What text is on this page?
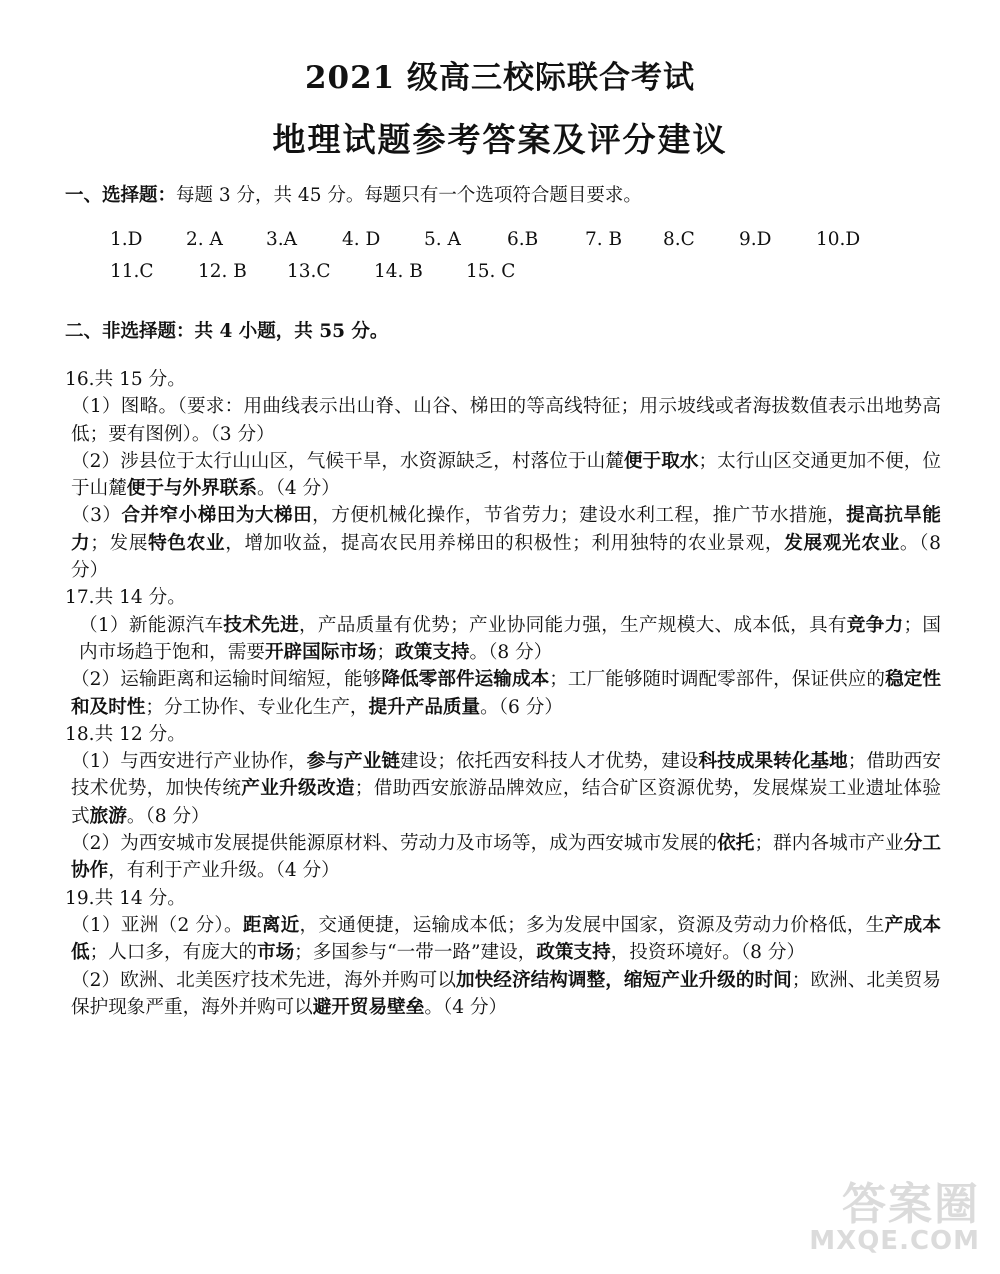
2021 级高三校际联合考试
地理试题参考答案及评分建议
一、选择题：每题 3 分，共 45 分。每题只有一个选项符合题目要求。
1.D 2. A 3.A 4. D 5. A 6.B	7. B 8.C 9.D 10.D
11.C 12. B 13.C 14. B 15. C
二、非选择题：共 4 小题，共 55 分。

16.共 15 分。

（1）图略。（要求：用曲线表示出山脊、山谷、梯田的等高线特征；用示坡线或者海拔数值表示出地势高低；要有图例）。（3 分）

（2）涉县位于太行山山区，气候干旱，水资源缺乏，村落位于山麓便于取水；太行山区交通更加不便，位于山麓便于与外界联系。（4 分）

（3）合并窄小梯田为大梯田，方便机械化操作，节省劳力；建设水利工程，推广节水措施，提高抗旱能力；发展特色农业，增加收益，提高农民用养梯田的积极性；利用独特的农业景观，发展观光农业。（8 分）

17.共 14 分。

（1）新能源汽车技术先进，产品质量有优势；产业协同能力强，生产规模大、成本低，具有竞争力；国内市场趋于饱和，需要开辟国际市场；政策支持。（8 分）

（2）运输距离和运输时间缩短，能够降低零部件运输成本；工厂能够随时调配零部件，保证供应的稳定性和及时性；分工协作、专业化生产，提升产品质量。（6 分）

18.共 12 分。

（1）与西安进行产业协作，参与产业链建设；依托西安科技人才优势，建设科技成果转化基地；借助西安技术优势，加快传统产业升级改造；借助西安旅游品牌效应，结合矿区资源优势，发展煤炭工业遗址体验式旅游。（8 分）

（2）为西安城市发展提供能源原材料、劳动力及市场等，成为西安城市发展的依托；群内各城市产业分工协作，有利于产业升级。（4 分）

19.共 14 分。

（1）亚洲（2 分）。距离近，交通便捷，运输成本低；多为发展中国家，资源及劳动力价格低，生产成本低；人口多，有庞大的市场；多国参与“一带一路”建设，政策支持，投资环境好。（8 分）

（2）欧洲、北美医疗技术先进，海外并购可以加快经济结构调整，缩短产业升级的时间；欧洲、北美贸易保护现象严重，海外并购可以避开贸易壁垒。（4 分）

答案圈
MXQE.COM
